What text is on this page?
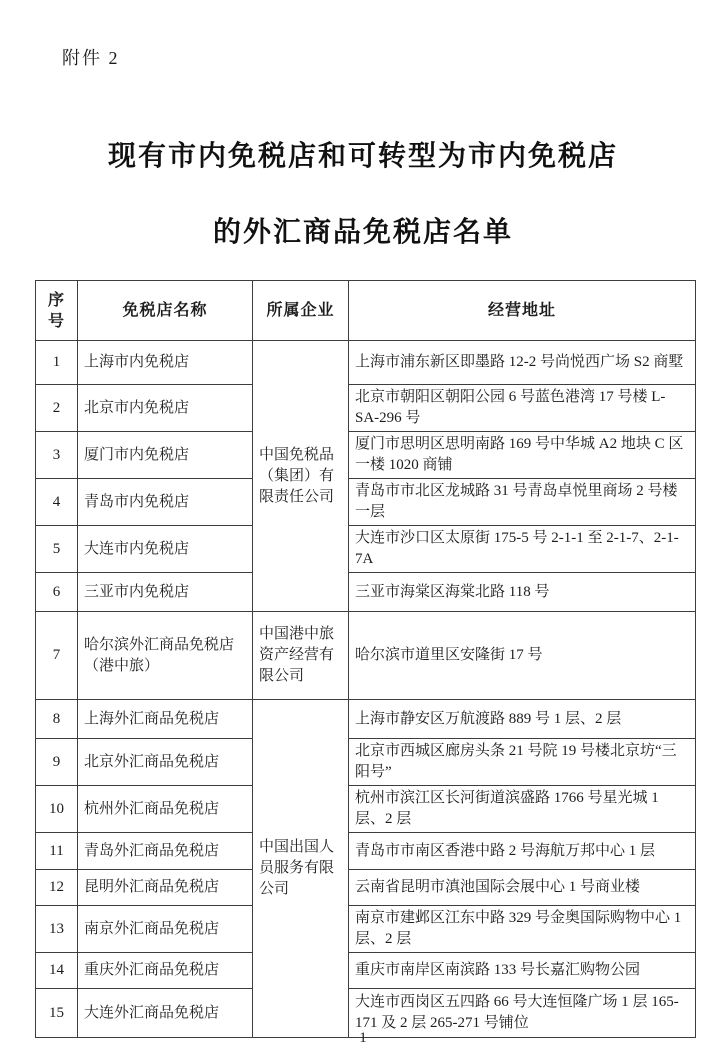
附件 2
现有市内免税店和可转型为市内免税店
的外汇商品免税店名单
序号	免税店名称	所属企业	经营地址
1	上海市内免税店	中国免税品（集团）有限责任公司	上海市浦东新区即墨路 12-2 号尚悦西广场 S2 商墅
2	北京市内免税店		北京市朝阳区朝阳公园 6 号蓝色港湾 17 号楼 L-SA-296 号
3	厦门市内免税店		厦门市思明区思明南路 169 号中华城 A2 地块 C 区一楼 1020 商铺
4	青岛市内免税店		青岛市市北区龙城路 31 号青岛卓悦里商场 2 号楼一层
5	大连市内免税店		大连市沙口区太原街 175-5 号 2-1-1 至 2-1-7、2-1-7A
6	三亚市内免税店		三亚市海棠区海棠北路 118 号
7	哈尔滨外汇商品免税店（港中旅）	中国港中旅资产经营有限公司	哈尔滨市道里区安隆街 17 号
8	上海外汇商品免税店	中国出国人员服务有限公司	上海市静安区万航渡路 889 号 1 层、2 层
9	北京外汇商品免税店		北京市西城区廊房头条 21 号院 19 号楼北京坊“三阳号”
10	杭州外汇商品免税店		杭州市滨江区长河街道滨盛路 1766 号星光城 1 层、2 层
11	青岛外汇商品免税店		青岛市市南区香港中路 2 号海航万邦中心 1 层
12	昆明外汇商品免税店		云南省昆明市滇池国际会展中心 1 号商业楼
13	南京外汇商品免税店		南京市建邺区江东中路 329 号金奥国际购物中心 1 层、2 层
14	重庆外汇商品免税店		重庆市南岸区南滨路 133 号长嘉汇购物公园
15	大连外汇商品免税店		大连市西岗区五四路 66 号大连恒隆广场 1 层 165-171 及 2 层 265-271 号铺位
1
